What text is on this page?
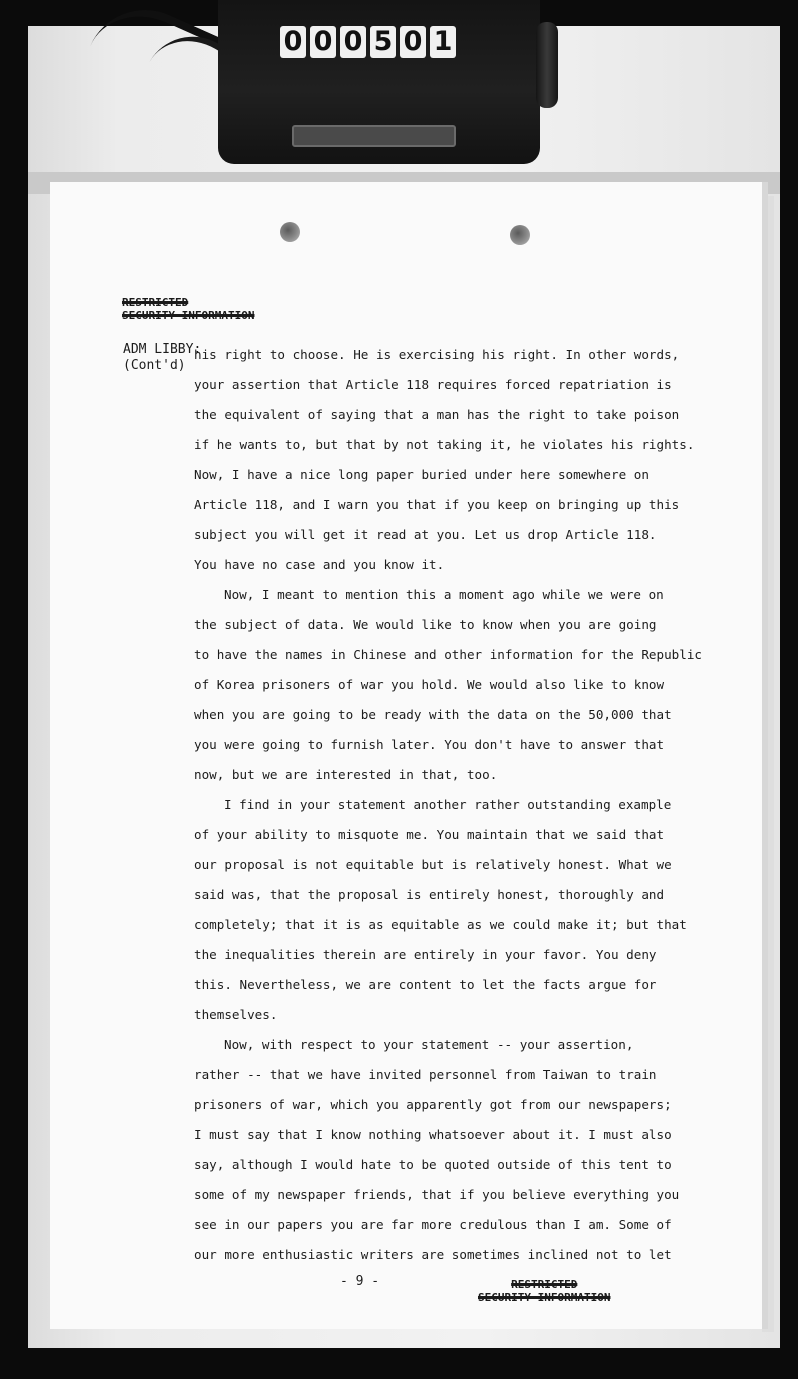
0 0 0 5 0 1
RESTRICTED
SECURITY INFORMATION
ADM LIBBY:
(Cont'd)
his right to choose. He is exercising his right. In other words,
your assertion that Article 118 requires forced repatriation is
the equivalent of saying that a man has the right to take poison
if he wants to, but that by not taking it, he violates his rights.
Now, I have a nice long paper buried under here somewhere on
Article 118, and I warn you that if you keep on bringing up this
subject you will get it read at you. Let us drop Article 118.
You have no case and you know it.
Now, I meant to mention this a moment ago while we were on
the subject of data. We would like to know when you are going
to have the names in Chinese and other information for the Republic
of Korea prisoners of war you hold. We would also like to know
when you are going to be ready with the data on the 50,000 that
you were going to furnish later. You don't have to answer that
now, but we are interested in that, too.
I find in your statement another rather outstanding example
of your ability to misquote me. You maintain that we said that
our proposal is not equitable but is relatively honest. What we
said was, that the proposal is entirely honest, thoroughly and
completely; that it is as equitable as we could make it; but that
the inequalities therein are entirely in your favor. You deny
this. Nevertheless, we are content to let the facts argue for
themselves.
Now, with respect to your statement -- your assertion,
rather -- that we have invited personnel from Taiwan to train
prisoners of war, which you apparently got from our newspapers;
I must say that I know nothing whatsoever about it. I must also
say, although I would hate to be quoted outside of this tent to
some of my newspaper friends, that if you believe everything you
see in our papers you are far more credulous than I am. Some of
our more enthusiastic writers are sometimes inclined not to let
- 9 -	RESTRICTED
SECURITY INFORMATION
